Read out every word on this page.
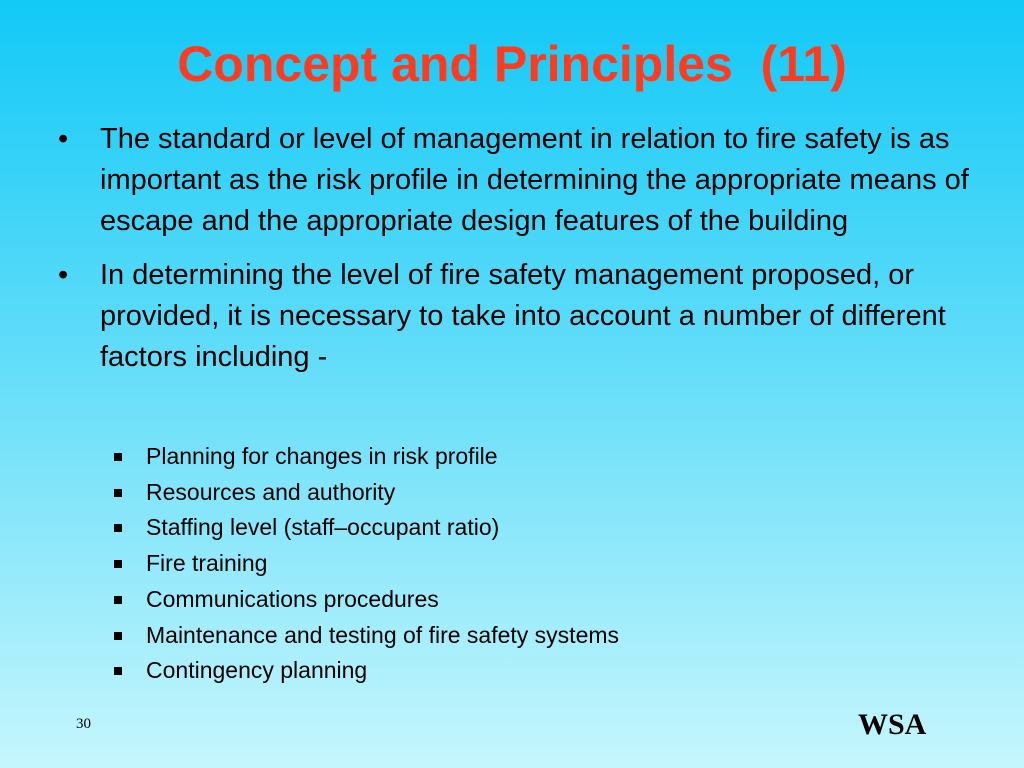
Concept and Principles  (11)
• The standard or level of management in relation to fire safety is as important as the risk profile in determining the appropriate means of escape and the appropriate design features of the building
• In determining the level of fire safety management proposed, or provided, it is necessary to take into account a number of different factors including -
Planning for changes in risk profile
Resources and authority
Staffing level (staff–occupant ratio)
Fire training
Communications procedures
Maintenance and testing of fire safety systems
Contingency planning
30	WSA
